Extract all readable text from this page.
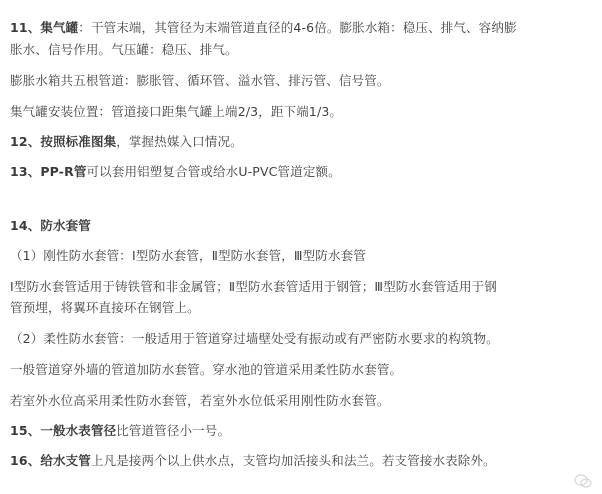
11、集气罐：干管末端，其管径为末端管道直径的4-6倍。膨胀水箱：稳压、排气、容纳膨
胀水、信号作用。气压罐：稳压、排气。
膨胀水箱共五根管道：膨胀管、循环管、溢水管、排污管、信号管。
集气罐安装位置：管道接口距集气罐上端2/3，距下端1/3。
12、按照标准图集，掌握热媒入口情况。
13、PP-R管可以套用铝塑复合管或给水U-PVC管道定额。
14、防水套管
（1）刚性防水套管：Ⅰ型防水套管，Ⅱ型防水套管，Ⅲ型防水套管
Ⅰ型防水套管适用于铸铁管和非金属管；Ⅱ型防水套管适用于钢管；Ⅲ型防水套管适用于钢
管预埋，将翼环直接环在钢管上。
（2）柔性防水套管：一般适用于管道穿过墙壁处受有振动或有严密防水要求的构筑物。
一般管道穿外墙的管道加防水套管。穿水池的管道采用柔性防水套管。
若室外水位高采用柔性防水套管，若室外水位低采用刚性防水套管。
15、一般水表管径比管道管径小一号。
16、给水支管上凡是接两个以上供水点，支管均加活接头和法兰。若支管接水表除外。
